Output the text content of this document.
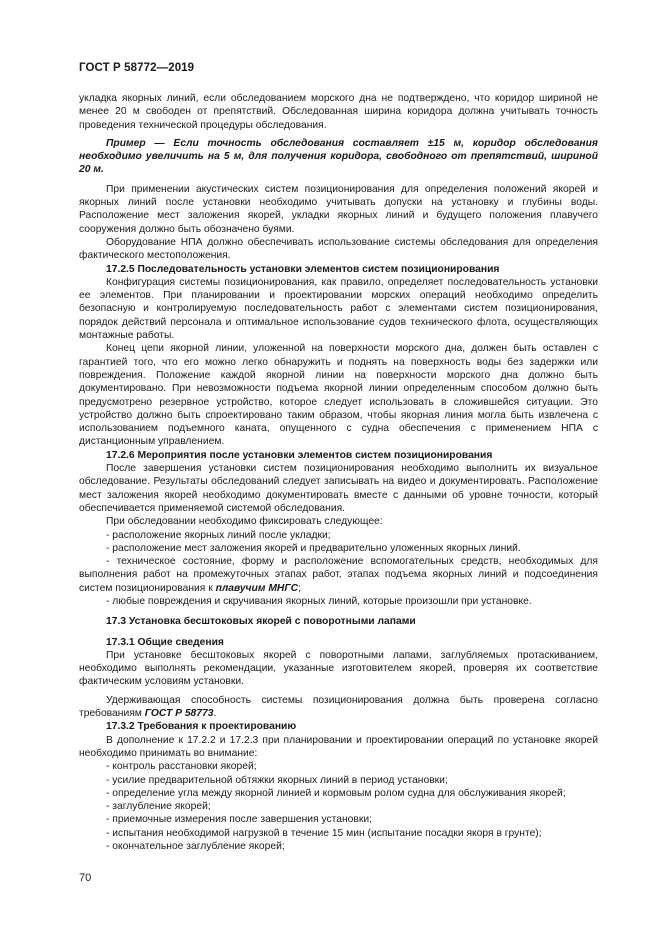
ГОСТ Р 58772—2019

укладка якорных линий, если обследованием морского дна не подтверждено, что коридор шириной не менее 20 м свободен от препятствий. Обследованная ширина коридора должна учитывать точность проведения технической процедуры обследования.

Пример — Если точность обследования составляет ±15 м, коридор обследования необходимо увеличить на 5 м, для получения коридора, свободного от препятствий, шириной 20 м.

При применении акустических систем позиционирования для определения положений якорей и якорных линий после установки необходимо учитывать допуски на установку и глубины воды. Расположение мест заложения якорей, укладки якорных линий и будущего положения плавучего сооружения должно быть обозначено буями.

Оборудование НПА должно обеспечивать использование системы обследования для определения фактического местоположения.

17.2.5 Последовательность установки элементов систем позиционирования

Конфигурация системы позиционирования, как правило, определяет последовательность установки ее элементов. При планировании и проектировании морских операций необходимо определить безопасную и контролируемую последовательность работ с элементами систем позиционирования, порядок действий персонала и оптимальное использование судов технического флота, осуществляющих монтажные работы.

Конец цепи якорной линии, уложенной на поверхности морского дна, должен быть оставлен с гарантией того, что его можно легко обнаружить и поднять на поверхность воды без задержки или повреждения. Положение каждой якорной линии на поверхности морского дна должно быть документировано. При невозможности подъема якорной линии определенным способом должно быть предусмотрено резервное устройство, которое следует использовать в сложившейся ситуации. Это устройство должно быть спроектировано таким образом, чтобы якорная линия могла быть извлечена с использованием подъемного каната, опущенного с судна обеспечения с применением НПА с дистанционным управлением.

17.2.6 Мероприятия после установки элементов систем позиционирования

После завершения установки систем позиционирования необходимо выполнить их визуальное обследование. Результаты обследований следует записывать на видео и документировать. Расположение мест заложения якорей необходимо документировать вместе с данными об уровне точности, который обеспечивается применяемой системой обследования.

При обследовании необходимо фиксировать следующее:

- расположение якорных линий после укладки;

- расположение мест заложения якорей и предварительно уложенных якорных линий.

- техническое состояние, форму и расположение вспомогательных средств, необходимых для выполнения работ на промежуточных этапах работ, этапах подъема якорных линий и подсоединения систем позиционирования к плавучим МНГС;

- любые повреждения и скручивания якорных линий, которые произошли при установке.

17.3 Установка бесштоковых якорей с поворотными лапами

17.3.1 Общие сведения

При установке бесштоковых якорей с поворотными лапами, заглубляемых протаскиванием, необходимо выполнять рекомендации, указанные изготовителем якорей, проверяя их соответствие фактическим условиям установки.

Удерживающая способность системы позиционирования должна быть проверена согласно требованиям ГОСТ Р 58773.

17.3.2 Требования к проектированию

В дополнение к 17.2.2 и 17.2.3 при планировании и проектировании операций по установке якорей необходимо принимать во внимание:

- контроль расстановки якорей;

- усилие предварительной обтяжки якорных линий в период установки;

- определение угла между якорной линией и кормовым ролом судна для обслуживания якорей;

- заглубление якорей;

- приемочные измерения после завершения установки;

- испытания необходимой нагрузкой в течение 15 мин (испытание посадки якоря в грунте);

- окончательное заглубление якорей;

70
